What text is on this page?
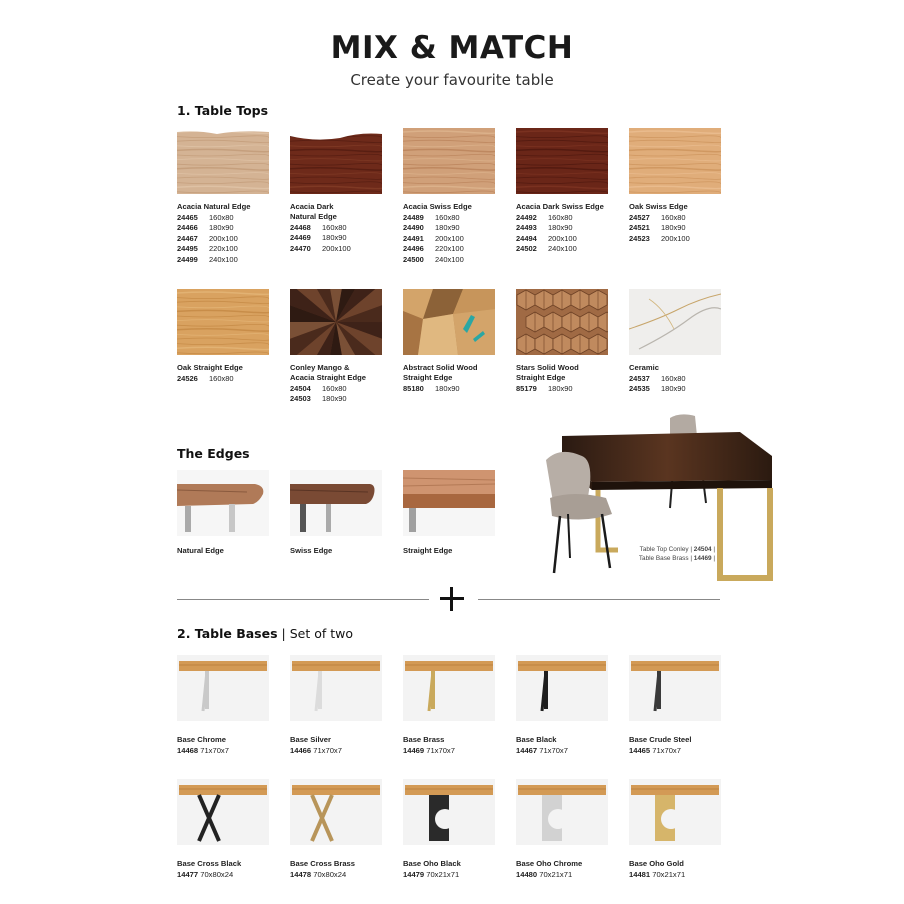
MIX & MATCH
Create your favourite table
1. Table Tops
Acacia Natural Edge
24465 160x80
24466 180x90
24467 200x100
24495 220x100
24499 240x100
Acacia Dark
Natural Edge
24468 160x80
24469 180x90
24470 200x100
Acacia Swiss Edge
24489 160x80
24490 180x90
24491 200x100
24496 220x100
24500 240x100
Acacia Dark Swiss Edge
24492 160x80
24493 180x90
24494 200x100
24502 240x100
Oak Swiss Edge
24527 160x80
24521 180x90
24523 200x100
Oak Straight Edge
24526 160x80
Conley Mango &
Acacia Straight Edge
24504 160x80
24503 180x90
Abstract Solid Wood
Straight Edge
85180 180x90
Stars Solid Wood
Straight Edge
85179 180x90
Ceramic
24537 160x80
24535 180x90
The Edges
Natural Edge	Swiss Edge	Straight Edge	Table Top Conley | 24504 |
Table Base Brass | 14469 |
2. Table Bases | Set of two
Base Chrome
14468 71x70x7
Base Silver
14466 71x70x7
Base Brass
14469 71x70x7
Base Black
14467 71x70x7
Base Crude Steel
14465 71x70x7
Base Cross Black
14477 70x80x24
Base Cross Brass
14478 70x80x24
Base Oho Black
14479 70x21x71
Base Oho Chrome
14480 70x21x71
Base Oho Gold
14481 70x21x71
